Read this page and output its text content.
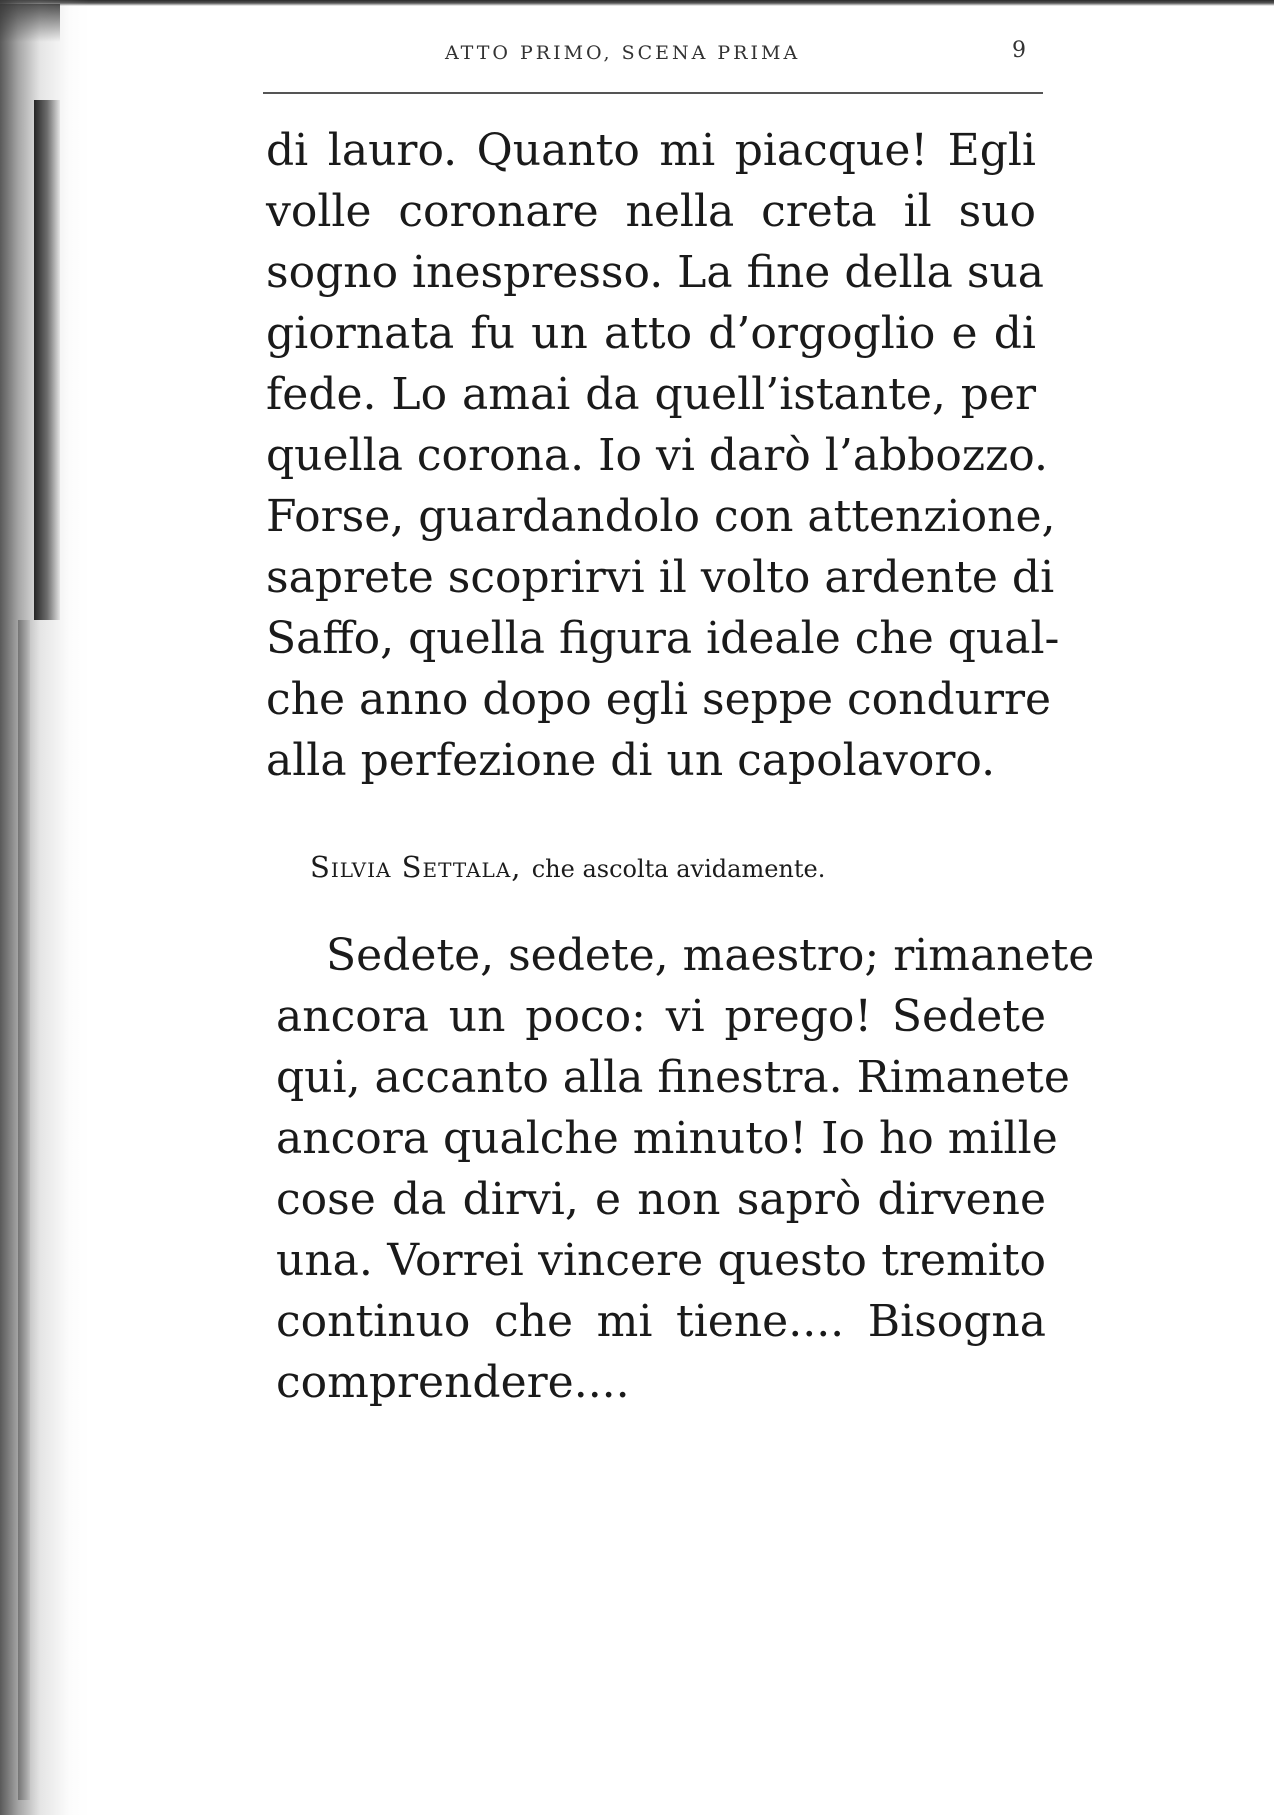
ATTO PRIMO, SCENA PRIMA	9
di lauro. Quanto mi piacque! Egli
volle coronare nella creta il suo
sogno inespresso. La fine della sua
giornata fu un atto d’orgoglio e di
fede. Lo amai da quell’istante, per
quella corona. Io vi darò l’abbozzo.
Forse, guardandolo con attenzione,
saprete scoprirvi il volto ardente di
Saffo, quella figura ideale che qual-
che anno dopo egli seppe condurre
alla perfezione di un capolavoro.
Silvia Settala, che ascolta avidamente.
Sedete, sedete, maestro; rimanete
ancora un poco: vi prego! Sedete
qui, accanto alla finestra. Rimanete
ancora qualche minuto! Io ho mille
cose da dirvi, e non saprò dirvene
una. Vorrei vincere questo tremito
continuo che mi tiene.... Bisogna
comprendere....
